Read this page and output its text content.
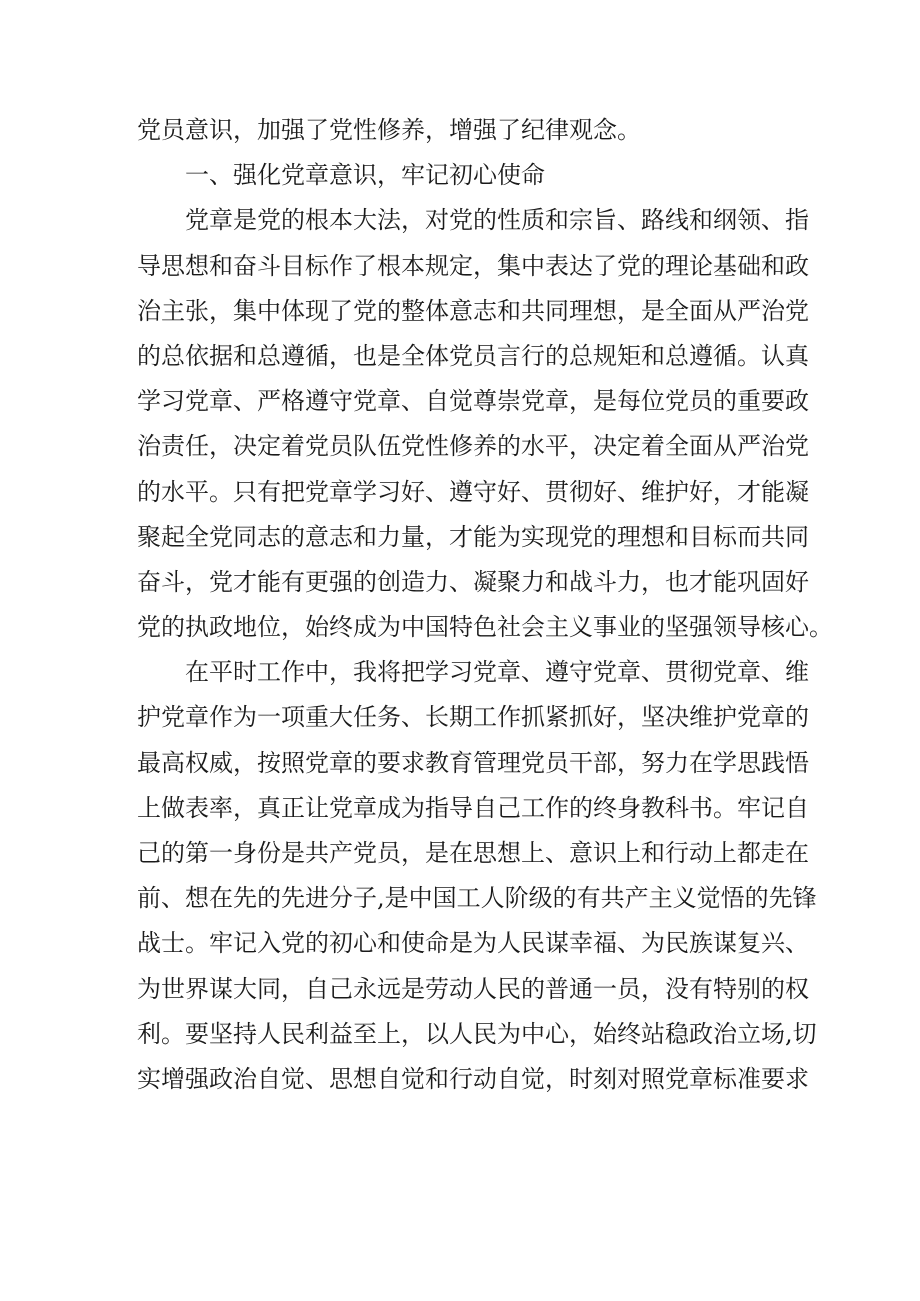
党员意识，加强了党性修养，增强了纪律观念。
一、强化党章意识，牢记初心使命
党章是党的根本大法，对党的性质和宗旨、路线和纲领、指
导思想和奋斗目标作了根本规定，集中表达了党的理论基础和政
治主张，集中体现了党的整体意志和共同理想，是全面从严治党
的总依据和总遵循，也是全体党员言行的总规矩和总遵循。认真
学习党章、严格遵守党章、自觉尊崇党章，是每位党员的重要政
治责任，决定着党员队伍党性修养的水平，决定着全面从严治党
的水平。只有把党章学习好、遵守好、贯彻好、维护好，才能凝
聚起全党同志的意志和力量，才能为实现党的理想和目标而共同
奋斗，党才能有更强的创造力、凝聚力和战斗力，也才能巩固好
党的执政地位，始终成为中国特色社会主义事业的坚强领导核心。
在平时工作中，我将把学习党章、遵守党章、贯彻党章、维
护党章作为一项重大任务、长期工作抓紧抓好，坚决维护党章的
最高权威，按照党章的要求教育管理党员干部，努力在学思践悟
上做表率，真正让党章成为指导自己工作的终身教科书。牢记自
己的第一身份是共产党员，是在思想上、意识上和行动上都走在
前、想在先的先进分子,是中国工人阶级的有共产主义觉悟的先锋
战士。牢记入党的初心和使命是为人民谋幸福、为民族谋复兴、
为世界谋大同，自己永远是劳动人民的普通一员，没有特别的权
利。要坚持人民利益至上，以人民为中心，始终站稳政治立场,切
实增强政治自觉、思想自觉和行动自觉，时刻对照党章标准要求
